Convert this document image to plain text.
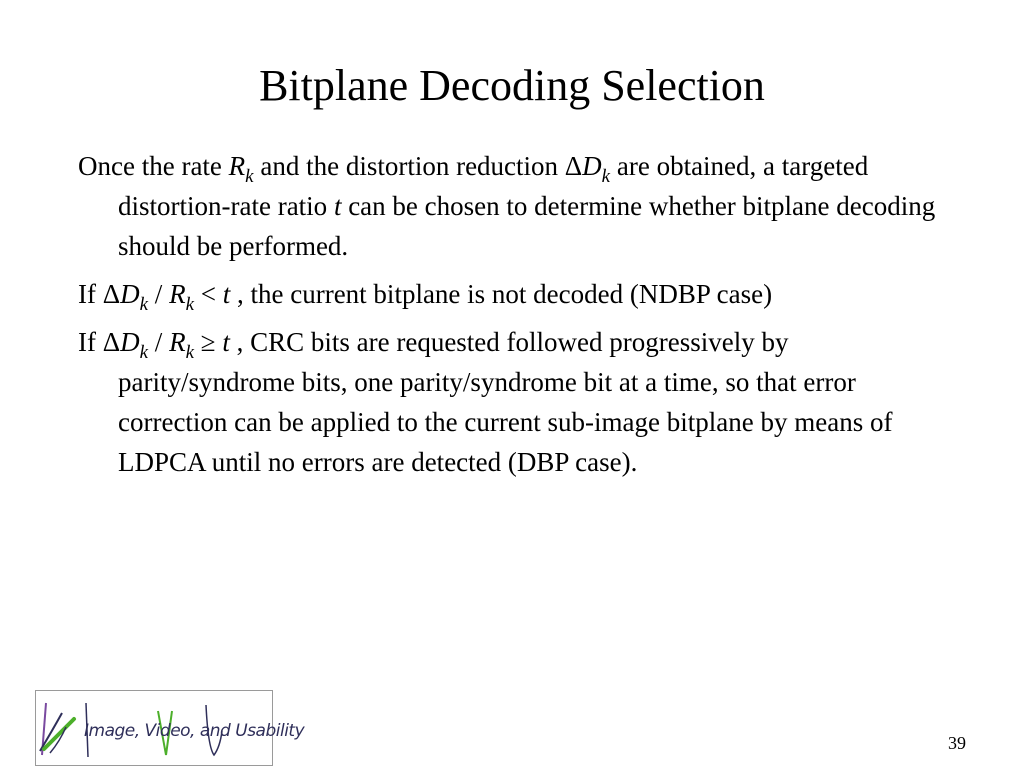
Bitplane Decoding Selection

Once the rate $R_k$ and the distortion reduction $\Delta D_k$ are obtained, a targeted distortion-rate ratio t can be chosen to determine whether bitplane decoding should be performed.

If $\Delta D_k / R_k < t$ , the current bitplane is not decoded (NDBP case)

If $\Delta D_k / R_k \ge t$ , CRC bits are requested followed progressively by parity/syndrome bits, one parity/syndrome bit at a time, so that error correction can be applied to the current sub-image bitplane by means of LDPCA until no errors are detected (DBP case).

Image, Video, and Usability
39
